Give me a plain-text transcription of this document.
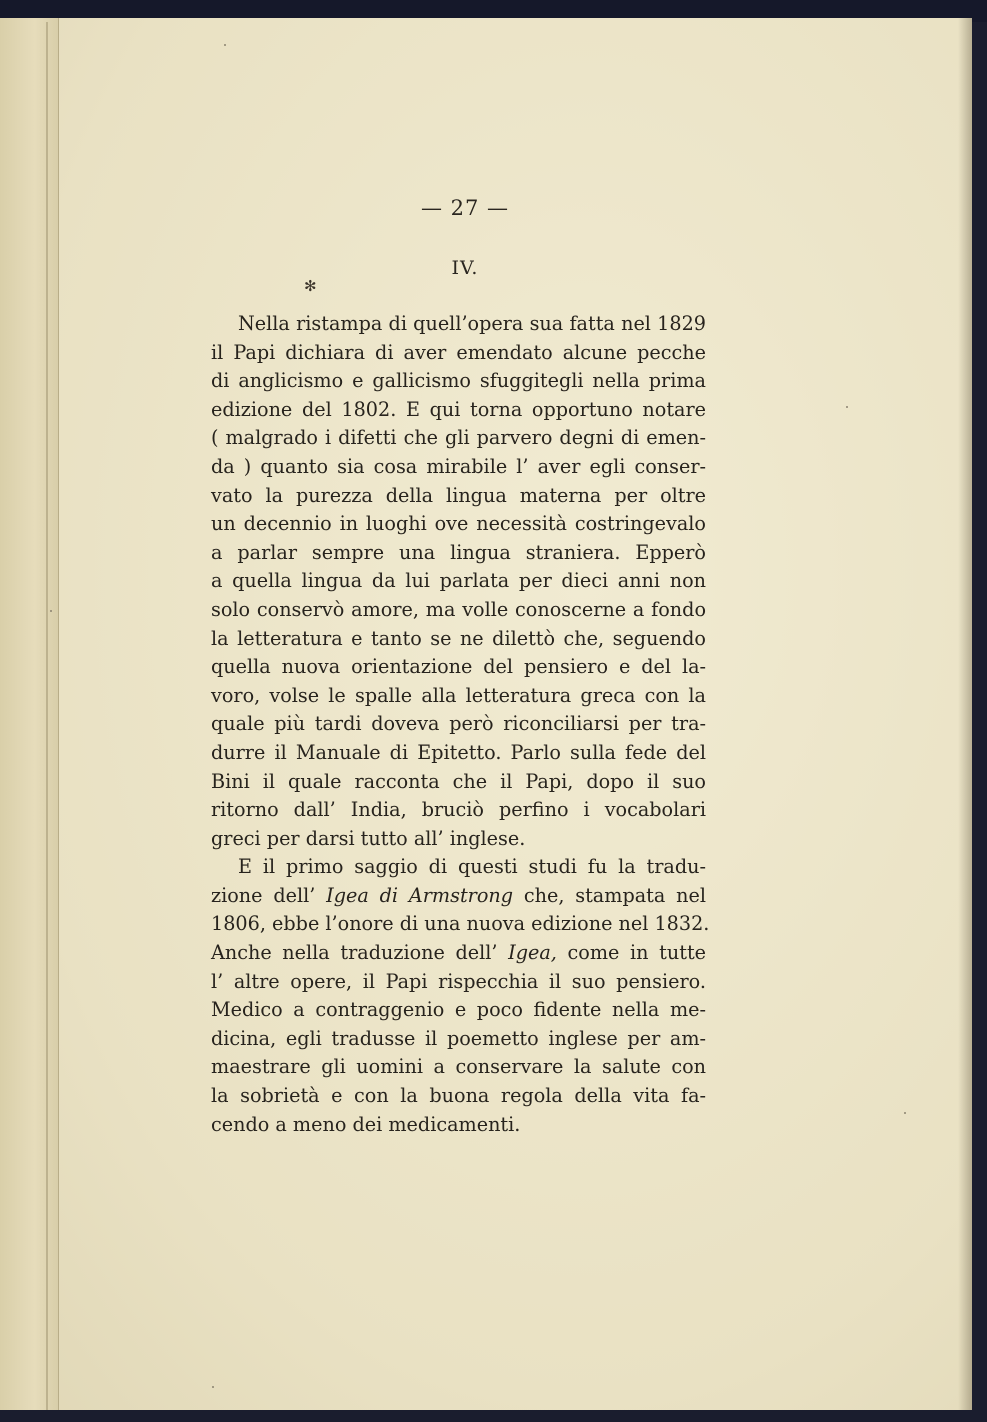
— 27 —
IV.
✻
Nella ristampa di quell’opera sua fatta nel 1829
il Papi dichiara di aver emendato alcune pecche
di anglicismo e gallicismo sfuggitegli nella prima
edizione del 1802. E qui torna opportuno notare
( malgrado i difetti che gli parvero degni di emen-
da ) quanto sia cosa mirabile l’ aver egli conser-
vato la purezza della lingua materna per oltre
un decennio in luoghi ove necessità costringevalo
a parlar sempre una lingua straniera. Epperò
a quella lingua da lui parlata per dieci anni non
solo conservò amore, ma volle conoscerne a fondo
la letteratura e tanto se ne dilettò che, seguendo
quella nuova orientazione del pensiero e del la-
voro, volse le spalle alla letteratura greca con la
quale più tardi doveva però riconciliarsi per tra-
durre il Manuale di Epitetto. Parlo sulla fede del
Bini il quale racconta che il Papi, dopo il suo
ritorno dall’ India, bruciò perfino i vocabolari
greci per darsi tutto all’ inglese.
E il primo saggio di questi studi fu la tradu-
zione dell’ Igea di Armstrong che, stampata nel
1806, ebbe l’onore di una nuova edizione nel 1832.
Anche nella traduzione dell’ Igea, come in tutte
l’ altre opere, il Papi rispecchia il suo pensiero.
Medico a contraggenio e poco fidente nella me-
dicina, egli tradusse il poemetto inglese per am-
maestrare gli uomini a conservare la salute con
la sobrietà e con la buona regola della vita fa-
cendo a meno dei medicamenti.
